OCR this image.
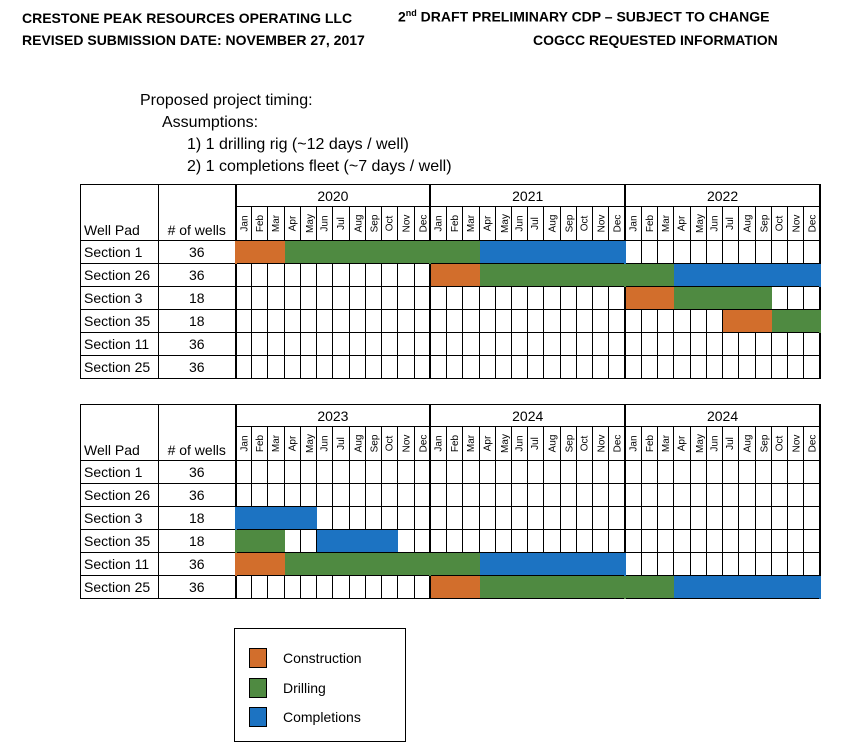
CRESTONE PEAK RESOURCES OPERATING LLC	2nd DRAFT PRELIMINARY CDP – SUBJECT TO CHANGE
REVISED SUBMISSION DATE: NOVEMBER 27, 2017	COGCC REQUESTED INFORMATION
Proposed project timing:
Assumptions:
1) 1 drilling rig (~12 days / well)
2) 1 completions fleet (~7 days / well)
Well Pad	# of wells	2020												2021												2022											
		Jan	Feb	Mar	Apr	May	Jun	Jul	Aug	Sep	Oct	Nov	Dec	Jan	Feb	Mar	Apr	May	Jun	Jul	Aug	Sep	Oct	Nov	Dec	Jan	Feb	Mar	Apr	May	Jun	Jul	Aug	Sep	Oct	Nov	Dec
Section 1	36																																				
Section 26	36																																				
Section 3	18																																				
Section 35	18																																				
Section 11	36																																				
Section 25	36																																				
Well Pad	# of wells	2023												2024												2024											
		Jan	Feb	Mar	Apr	May	Jun	Jul	Aug	Sep	Oct	Nov	Dec	Jan	Feb	Mar	Apr	May	Jun	Jul	Aug	Sep	Oct	Nov	Dec	Jan	Feb	Mar	Apr	May	Jun	Jul	Aug	Sep	Oct	Nov	Dec
Section 1	36																																				
Section 26	36																																				
Section 3	18																																				
Section 35	18																																				
Section 11	36																																				
Section 25	36																																				
Construction
Drilling
Completions
